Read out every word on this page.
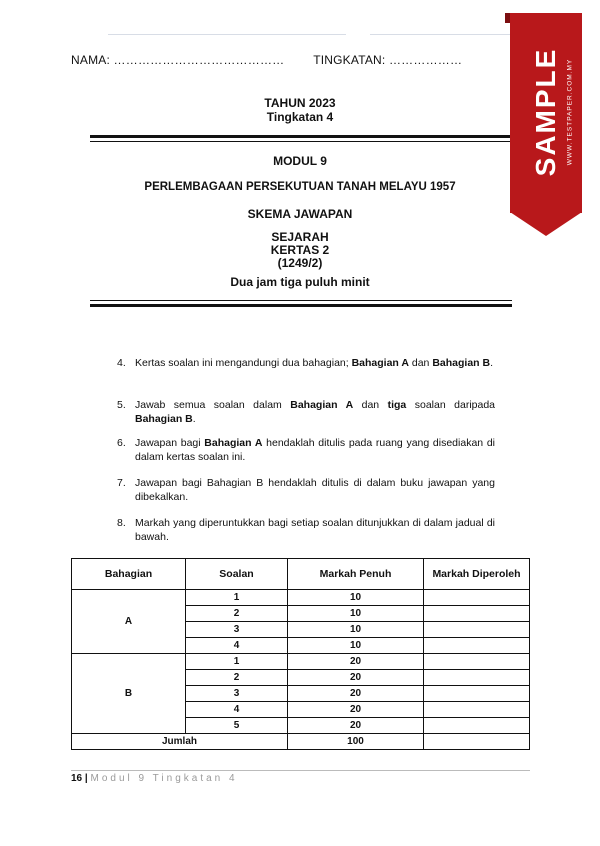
NAMA: …………………………………… TINGKATAN: ………………
TAHUN 2023
Tingkatan 4
MODUL 9
PERLEMBAGAAN PERSEKUTUAN TANAH MELAYU 1957
SKEMA JAWAPAN
SEJARAH
KERTAS 2
(1249/2)
Dua jam tiga puluh minit
4. Kertas soalan ini mengandungi dua bahagian; Bahagian A dan Bahagian B.
5. Jawab semua soalan dalam Bahagian A dan tiga soalan daripada Bahagian B.
6. Jawapan bagi Bahagian A hendaklah ditulis pada ruang yang disediakan di dalam kertas soalan ini.
7. Jawapan bagi Bahagian B hendaklah ditulis di dalam buku jawapan yang dibekalkan.
8. Markah yang diperuntukkan bagi setiap soalan ditunjukkan di dalam jadual di bawah.
Bahagian	Soalan	Markah Penuh	Markah Diperoleh
A	1	10	
	2	10	
	3	10	
	4	10	
B	1	20	
	2	20	
	3	20	
	4	20	
	5	20	
Jumlah		100	
16 | Modul 9 Tingkatan 4
SAMPLE WWW.TESTPAPER.COM.MY
